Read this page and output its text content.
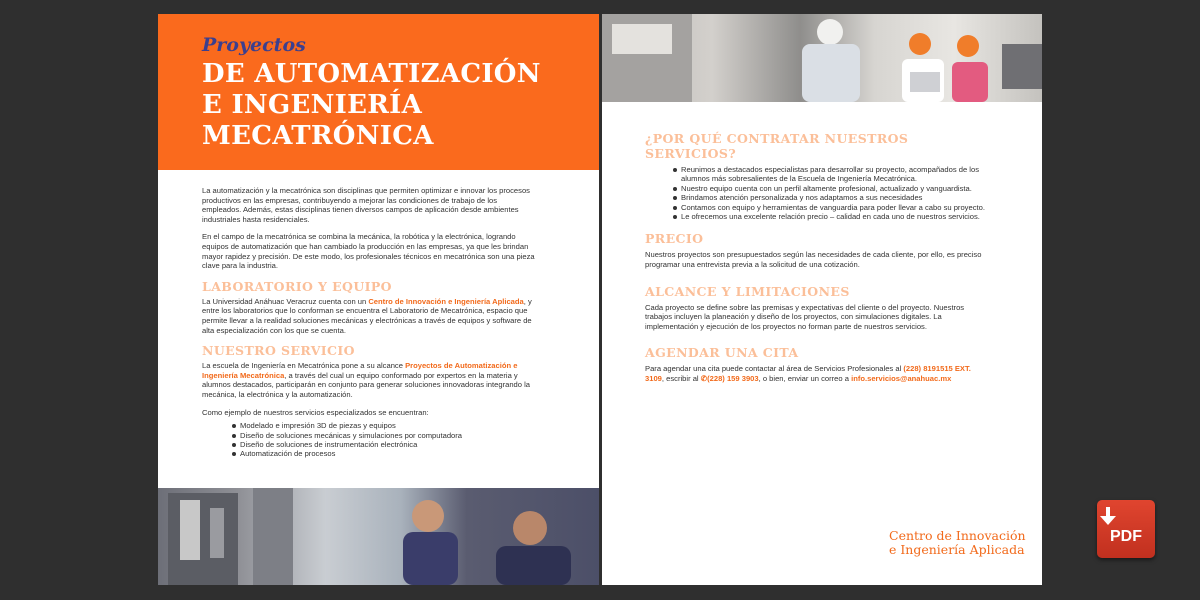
Proyectos
DE AUTOMATIZACIÓN
E INGENIERÍA
MECATRÓNICA

La automatización y la mecatrónica son disciplinas que permiten optimizar e innovar los procesos productivos en las empresas, contribuyendo a mejorar las condiciones de trabajo de los empleados. Además, estas disciplinas tienen diversos campos de aplicación desde ambientes industriales hasta residenciales.

En el campo de la mecatrónica se combina la mecánica, la robótica y la electrónica, logrando equipos de automatización que han cambiado la producción en las empresas, ya que les brindan mayor rapidez y precisión. De este modo, los profesionales técnicos en mecatrónica son una pieza clave para la industria.

LABORATORIO Y EQUIPO

La Universidad Anáhuac Veracruz cuenta con un Centro de Innovación e Ingeniería Aplicada, y entre los laboratorios que lo conforman se encuentra el Laboratorio de Mecatrónica, espacio que permite llevar a la realidad soluciones mecánicas y electrónicas a través de equipos y software de alta especialización con los que se cuenta.

NUESTRO SERVICIO

La escuela de Ingeniería en Mecatrónica pone a su alcance Proyectos de Automatización e Ingeniería Mecatrónica, a través del cual un equipo conformado por expertos en la materia y alumnos destacados, participarán en conjunto para generar soluciones innovadoras integrando la mecánica, la electrónica y la automatización.

Como ejemplo de nuestros servicios especializados se encuentran:

Modelado e impresión 3D de piezas y equipos
Diseño de soluciones mecánicas y simulaciones por computadora
Diseño de soluciones de instrumentación electrónica
Automatización de procesos
¿POR QUÉ CONTRATAR NUESTROS SERVICIOS?
Reunimos a destacados especialistas para desarrollar su proyecto, acompañados de los alumnos más sobresalientes de la Escuela de Ingeniería Mecatrónica.
Nuestro equipo cuenta con un perfil altamente profesional, actualizado y vanguardista.
Brindamos atención personalizada y nos adaptamos a sus necesidades
Contamos con equipo y herramientas de vanguardia para poder llevar a cabo su proyecto.
Le ofrecemos una excelente relación precio – calidad en cada uno de nuestros servicios.
PRECIO

Nuestros proyectos son presupuestados según las necesidades de cada cliente, por ello, es preciso programar una entrevista previa a la solicitud de una cotización.

ALCANCE Y LIMITACIONES

Cada proyecto se define sobre las premisas y expectativas del cliente o del proyecto. Nuestros trabajos incluyen la planeación y diseño de los proyectos, con simulaciones digitales. La implementación y ejecución de los proyectos no forman parte de nuestros servicios.

AGENDAR UNA CITA

Para agendar una cita puede contactar al área de Servicios Profesionales al (228) 8191515 EXT. 3109, escribir al ✆(228) 159 3903, o bien, enviar un correo a info.servicios@anahuac.mx

Centro de Innovación
e Ingeniería Aplicada
PDF
